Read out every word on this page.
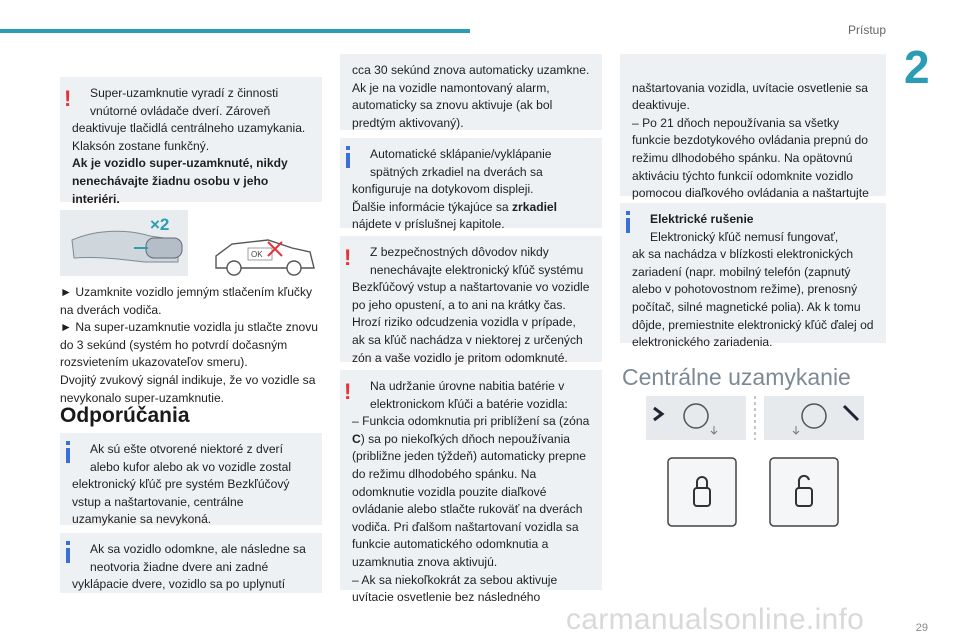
Prístup
2
!	Super-uzamknutie vyradí z činnosti
vnútorné ovládače dverí. Zároveň deaktivuje tlačidlá centrálneho uzamykania. Klaksón zostane funkčný.
Ak je vozidlo super-uzamknuté, nikdy nenechávajte žiadnu osobu v jeho interiéri.
×2
OK
► Uzamknite vozidlo jemným stlačením kľučky na dverách vodiča.
► Na super-uzamknutie vozidla ju stlačte znovu do 3 sekúnd (systém ho potvrdí dočasným rozsvietením ukazovateľov smeru).
Dvojitý zvukový signál indikuje, že vo vozidle sa nevykonalo super-uzamknutie.
Odporúčania
Ak sú ešte otvorené niektoré z dverí
alebo kufor alebo ak vo vozidle zostal elektronický kľúč pre systém Bezkľúčový vstup a naštartovanie, centrálne uzamykanie sa nevykoná.
Ak sa vozidlo odomkne, ale následne sa
neotvoria žiadne dvere ani zadné vyklápacie dvere, vozidlo sa po uplynutí
cca 30 sekúnd znova automaticky uzamkne. Ak je na vozidle namontovaný alarm, automaticky sa znovu aktivuje (ak bol predtým aktivovaný).
Automatické sklápanie/vyklápanie
spätných zrkadiel na dverách sa konfiguruje na dotykovom displeji.
Ďalšie informácie týkajúce sa zrkadiel
nájdete v príslušnej kapitole.
!	Z bezpečnostných dôvodov nikdy
nenechávajte elektronický kľúč systému Bezkľúčový vstup a naštartovanie vo vozidle po jeho opustení, a to ani na krátky čas. Hrozí riziko odcudzenia vozidla v prípade, ak sa kľúč nachádza v niektorej z určených zón a vaše vozidlo je pritom odomknuté.
!	Na udržanie úrovne nabitia batérie v
elektronickom kľúči a batérie vozidla:
– Funkcia odomknutia pri priblížení sa (zóna C) sa po niekoľkých dňoch nepoužívania (približne jeden týždeň) automaticky prepne do režimu dlhodobého spánku. Na odomknutie vozidla pouzite diaľkové ovládanie alebo stlačte rukoväť na dverách vodiča. Pri ďalšom naštartovaní vozidla sa funkcie automatického odomknutia a uzamknutia znova aktivujú.
– Ak sa niekoľkokrát za sebou aktivuje uvítacie osvetlenie bez následného

naštartovania vozidla, uvítacie osvetlenie sa deaktivuje.
– Po 21 dňoch nepoužívania sa všetky funkcie bezdotykového ovládania prepnú do režimu dlhodobého spánku. Na opätovnú aktiváciu týchto funkcií odomknite vozidlo pomocou diaľkového ovládania a naštartujte

Elektrické rušenie
Elektronický kľúč nemusí fungovať,
ak sa nachádza v blízkosti elektronických zariadení (napr. mobilný telefón (zapnutý alebo v pohotovostnom režime), prenosný počítač, silné magnetické polia). Ak k tomu dôjde, premiestnite elektronický kľúč ďalej od elektronického zariadenia.
Centrálne uzamykanie
carmanualsonline.info	29
